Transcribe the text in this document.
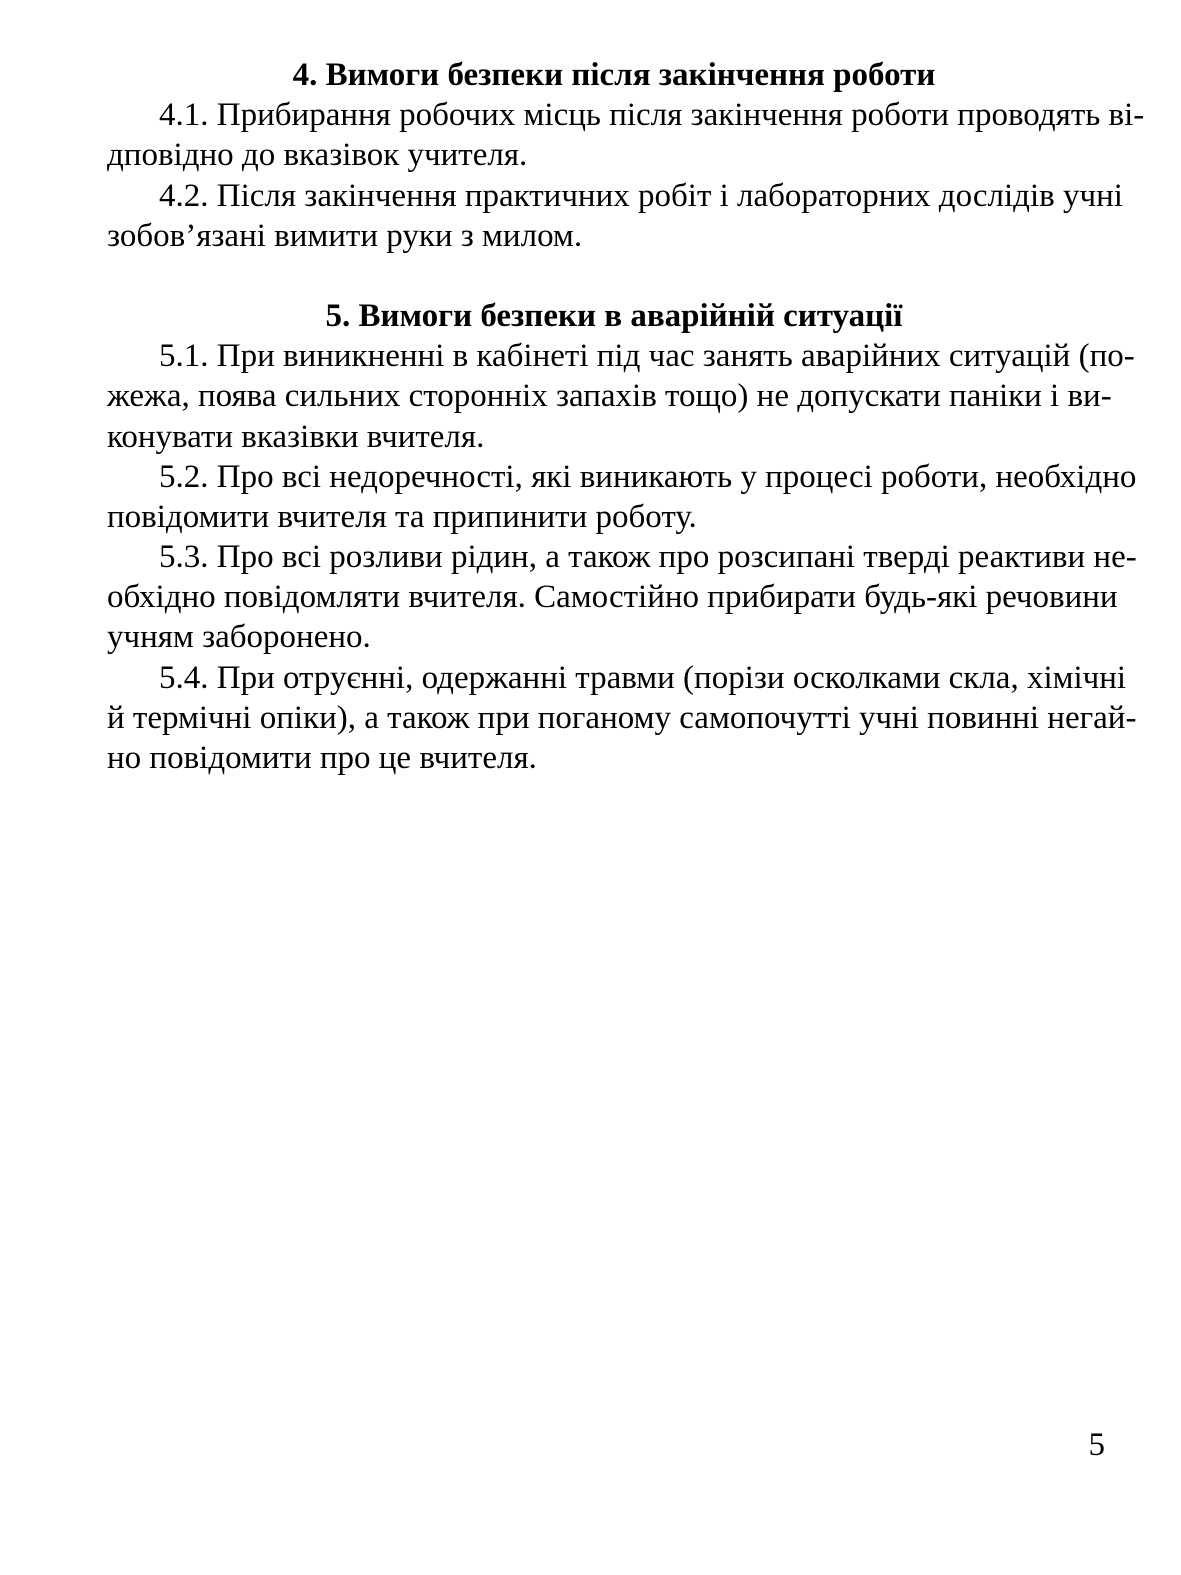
4. Вимоги безпеки після закінчення роботи
4.1. Прибирання робочих місць після закінчення роботи проводять ві-
дповідно до вказівок учителя.
4.2. Після закінчення практичних робіт і лабораторних дослідів учні
зобов’язані вимити руки з милом.
5. Вимоги безпеки в аварійній ситуації
5.1. При виникненні в кабінеті під час занять аварійних ситуацій (по-
жежа, поява сильних сторонніх запахів тощо) не допускати паніки і ви-
конувати вказівки вчителя.
5.2. Про всі недоречності, які виникають у процесі роботи, необхідно
повідомити вчителя та припинити роботу.
5.3. Про всі розливи рідин, а також про розсипані тверді реактиви не-
обхідно повідомляти вчителя. Самостійно прибирати будь-які речовини
учням заборонено.
5.4. При отруєнні, одержанні травми (порізи осколками скла, хімічні
й термічні опіки), а також при поганому самопочутті учні повинні негай-
но повідомити про це вчителя.
5
